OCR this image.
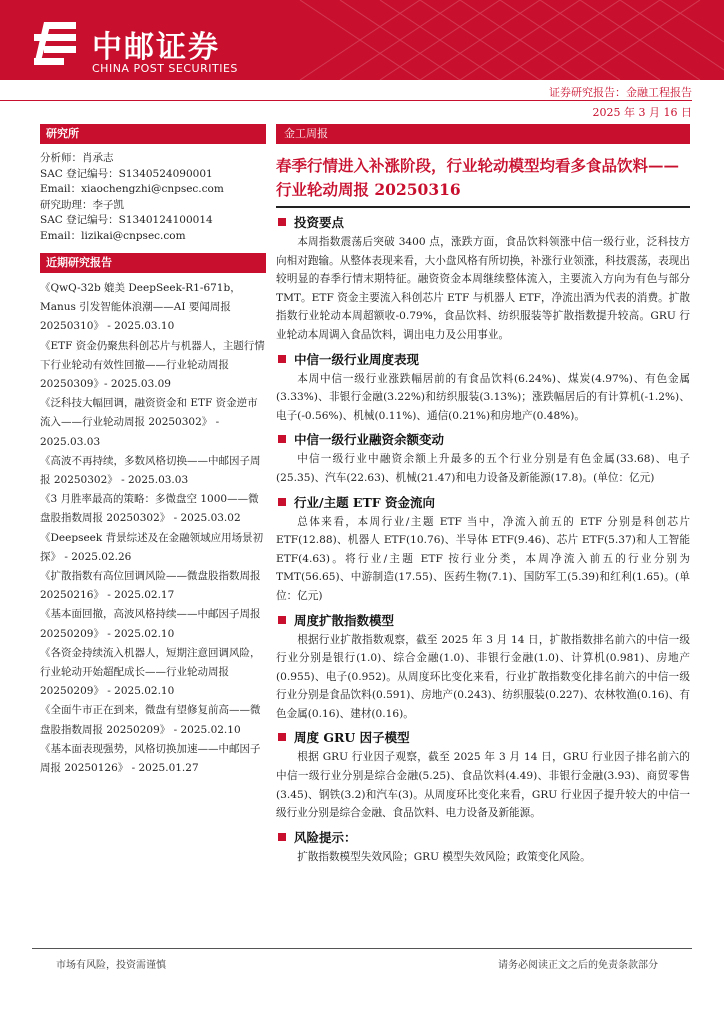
中邮证券
CHINA POST SECURITIES
证券研究报告：金融工程报告
2025 年 3 月 16 日
研究所
分析师：肖承志
SAC 登记编号：S1340524090001
Email：xiaochengzhi@cnpsec.com
研究助理：李子凯
SAC 登记编号：S1340124100014
Email：lizikai@cnpsec.com
近期研究报告
《QwQ-32b 媲美 DeepSeek-R1-671b，Manus 引发智能体浪潮——AI 要闻周报 20250310》 - 2025.03.10
《ETF 资金仍聚焦科创芯片与机器人，主题行情下行业轮动有效性回撤——行业轮动周报 20250309》- 2025.03.09
《泛科技大幅回调，融资资金和 ETF 资金逆市流入——行业轮动周报 20250302》 - 2025.03.03
《高波不再持续，多数风格切换——中邮因子周报 20250302》 - 2025.03.03
《3 月胜率最高的策略：多微盘空 1000——微盘股指数周报 20250302》 - 2025.03.02
《Deepseek 背景综述及在金融领域应用场景初探》 - 2025.02.26
《扩散指数有高位回调风险——微盘股指数周报 20250216》 - 2025.02.17
《基本面回撤，高波风格持续——中邮因子周报 20250209》 - 2025.02.10
《各资金持续流入机器人，短期注意回调风险，行业轮动开始超配成长——行业轮动周报 20250209》 - 2025.02.10
《全面牛市正在到来，微盘有望修复前高——微盘股指数周报 20250209》 - 2025.02.10
《基本面表现强势，风格切换加速——中邮因子周报 20250126》 - 2025.01.27
金工周报
春季行情进入补涨阶段，行业轮动模型均看多食品饮料——行业轮动周报 20250316
投资要点

本周指数震荡后突破 3400 点，涨跌方面，食品饮料领涨中信一级行业，泛科技方向相对跑输。从整体表现来看，大小盘风格有所切换，补涨行业领涨，科技震荡，表现出较明显的春季行情末期特征。融资资金本周继续整体流入，主要流入方向为有色与部分 TMT。ETF 资金主要流入科创芯片 ETF 与机器人 ETF，净流出酒为代表的消费。扩散指数行业轮动本周超额收-0.79%，食品饮料、纺织服装等扩散指数提升较高。GRU 行业轮动本周调入食品饮料，调出电力及公用事业。

中信一级行业周度表现

本周中信一级行业涨跌幅居前的有食品饮料(6.24%)、煤炭(4.97%)、有色金属(3.33%)、非银行金融(3.22%)和纺织服装(3.13%)；涨跌幅居后的有计算机(-1.2%)、电子(-0.56%)、机械(0.11%)、通信(0.21%)和房地产(0.48%)。

中信一级行业融资余额变动

中信一级行业中融资余额上升最多的五个行业分别是有色金属(33.68)、电子(25.35)、汽车(22.63)、机械(21.47)和电力设备及新能源(17.8)。(单位：亿元)

行业/主题 ETF 资金流向

总体来看，本周行业/主题 ETF 当中，净流入前五的 ETF 分别是科创芯片 ETF(12.88)、机器人 ETF(10.76)、半导体 ETF(9.46)、芯片 ETF(5.37)和人工智能 ETF(4.63)。将行业/主题 ETF 按行业分类，本周净流入前五的行业分别为 TMT(56.65)、中游制造(17.55)、医药生物(7.1)、国防军工(5.39)和红利(1.65)。(单位：亿元)

周度扩散指数模型

根据行业扩散指数观察，截至 2025 年 3 月 14 日，扩散指数排名前六的中信一级行业分别是银行(1.0)、综合金融(1.0)、非银行金融(1.0)、计算机(0.981)、房地产(0.955)、电子(0.952)。从周度环比变化来看，行业扩散指数变化排名前六的中信一级行业分别是食品饮料(0.591)、房地产(0.243)、纺织服装(0.227)、农林牧渔(0.16)、有色金属(0.16)、建材(0.16)。

周度 GRU 因子模型

根据 GRU 行业因子观察，截至 2025 年 3 月 14 日，GRU 行业因子排名前六的中信一级行业分别是综合金融(5.25)、食品饮料(4.49)、非银行金融(3.93)、商贸零售(3.45)、钢铁(3.2)和汽车(3)。从周度环比变化来看，GRU 行业因子提升较大的中信一级行业分别是综合金融、食品饮料、电力设备及新能源。

风险提示：

扩散指数模型失效风险；GRU 模型失效风险；政策变化风险。

市场有风险，投资需谨慎	请务必阅读正文之后的免责条款部分
